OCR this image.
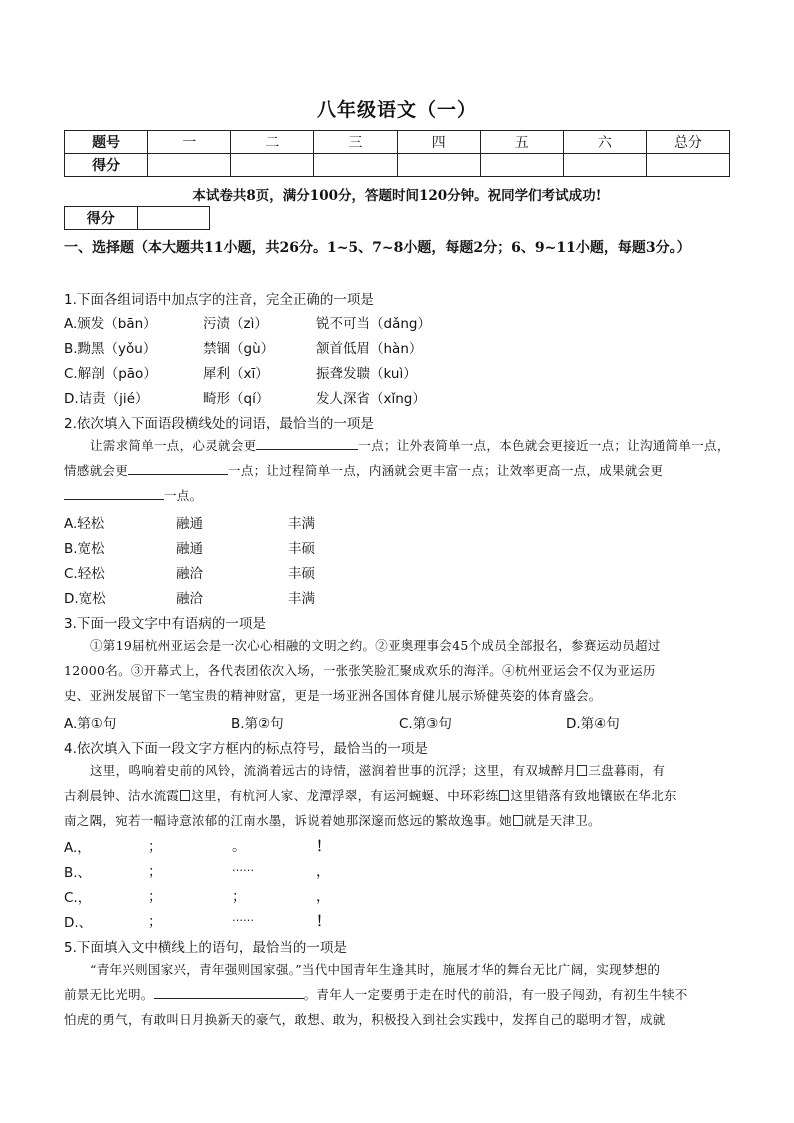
八年级语文（一）
题号	一	二	三	四	五	六	总分
得分							
本试卷共8页，满分100分，答题时间120分钟。祝同学们考试成功!
得分	
一、选择题（本大题共11小题，共26分。1~5、7~8小题，每题2分；6、9~11小题，每题3分。）
1.下面各组词语中加点字的注音，完全正确的一项是
A.颁发（bān）	污渍（zì）	锐不可当（dǎng）
B.黝黑（yǒu）	禁锢（gù）	颔首低眉（hàn）
C.解剖（pāo）	犀利（xī）	振聋发聩（kuì）
D.诘责（jié）	畸形（qí）	发人深省（xǐng）
2.依次填入下面语段横线处的词语，最恰当的一项是
让需求简单一点，心灵就会更	一点；让外表简单一点，本色就会更接近一点；让沟通简单一点，情感就会更	一点；让过程简单一点，内涵就会更丰富一点；让效率更高一点，成果就会更一点。
A.轻松	融通	丰满
B.宽松	融通	丰硕
C.轻松	融洽	丰硕
D.宽松	融洽	丰满
3.下面一段文字中有语病的一项是
①第19届杭州亚运会是一次心心相融的文明之约。②亚奥理事会45个成员全部报名，参赛运动员超过
12000名。③开幕式上，各代表团依次入场，一张张笑脸汇聚成欢乐的海洋。④杭州亚运会不仅为亚运历
史、亚洲发展留下一笔宝贵的精神财富，更是一场亚洲各国体育健儿展示矫健英姿的体育盛会。
A.第①句	B.第②句	C.第③句	D.第④句
4.依次填入下面一段文字方框内的标点符号，最恰当的一项是
这里，鸣响着史前的风铃，流淌着远古的诗情，滋润着世事的沉浮；这里，有双城醉月 三盘暮雨，有
古刹晨钟、沽水流霞 这里，有杭河人家、龙潭浮翠，有运河蜿蜒、中环彩练 这里错落有致地镶嵌在华北东
南之隅，宛若一幅诗意浓郁的江南水墨，诉说着她那深邃而悠远的繁故逸事。她 就是天津卫。
A.，	；	。	！
B.、	；	……	，
C.，	；	；	，
D.、	；	……	！
5.下面填入文中横线上的语句，最恰当的一项是
“青年兴则国家兴，青年强则国家强。”当代中国青年生逢其时，施展才华的舞台无比广阔，实现梦想的
前景无比光明。	。青年人一定要勇于走在时代的前沿，有一股子闯劲，有初生牛犊不
怕虎的勇气，有敢叫日月换新天的豪气，敢想、敢为，积极投入到社会实践中，发挥自己的聪明才智，成就
